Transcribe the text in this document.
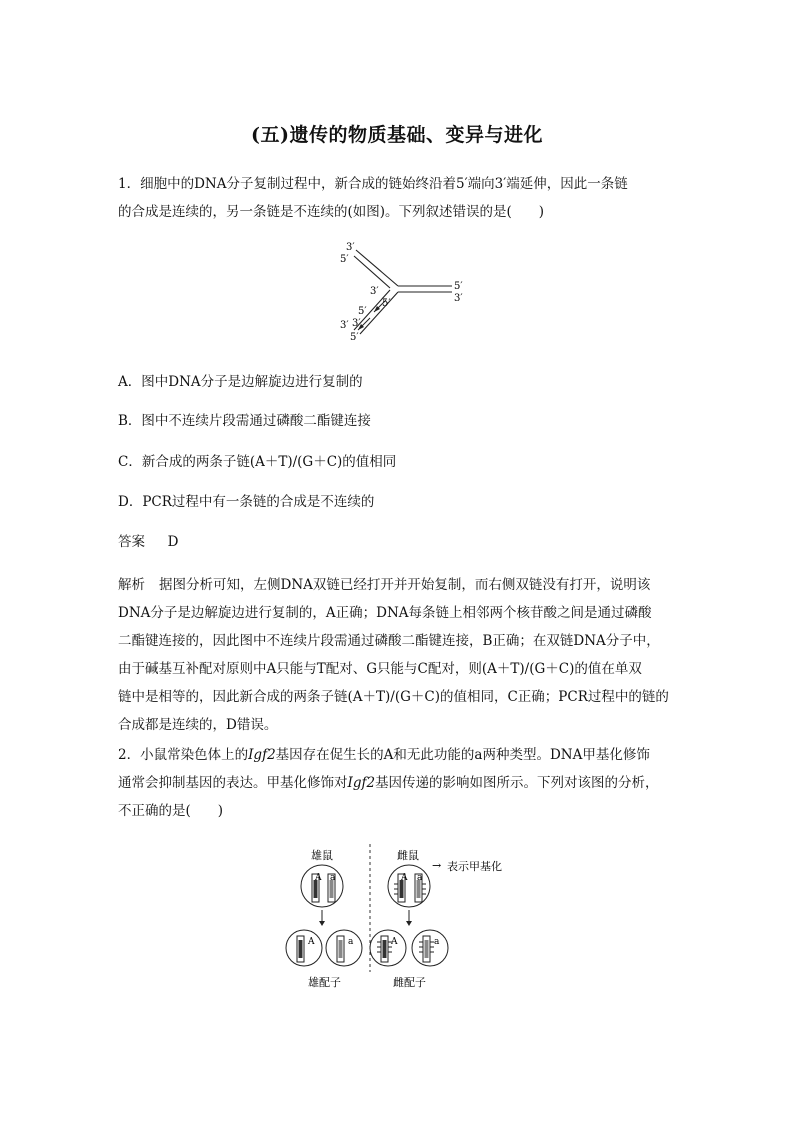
(五)遗传的物质基础、变异与进化
1．细胞中的DNA分子复制过程中，新合成的链始终沿着5′端向3′端延伸，因此一条链
的合成是连续的，另一条链是不连续的(如图)。下列叙述错误的是(　　)
3′
5′
3′
5′
5′
3′
3′
5′
5′
3′
A．图中DNA分子是边解旋边进行复制的
B．图中不连续片段需通过磷酸二酯键连接
C．新合成的两条子链(A＋T)/(G＋C)的值相同
D．PCR过程中有一条链的合成是不连续的
答案 D
解析 据图分析可知，左侧DNA双链已经打开并开始复制，而右侧双链没有打开，说明该
DNA分子是边解旋边进行复制的，A正确；DNA每条链上相邻两个核苷酸之间是通过磷酸
二酯键连接的，因此图中不连续片段需通过磷酸二酯键连接，B正确；在双链DNA分子中，
由于碱基互补配对原则中A只能与T配对、G只能与C配对，则(A＋T)/(G＋C)的值在单双
链中是相等的，因此新合成的两条子链(A＋T)/(G＋C)的值相同，C正确；PCR过程中的链的
合成都是连续的，D错误。
2．小鼠常染色体上的Igf2基因存在促生长的A和无此功能的a两种类型。DNA甲基化修饰
通常会抑制基因的表达。甲基化修饰对Igf2基因传递的影响如图所示。下列对该图的分析，
不正确的是(　　)
雄鼠	雌鼠
→ 表示甲基化
A a
A	a
雄配子
A a
A	a
雌配子
